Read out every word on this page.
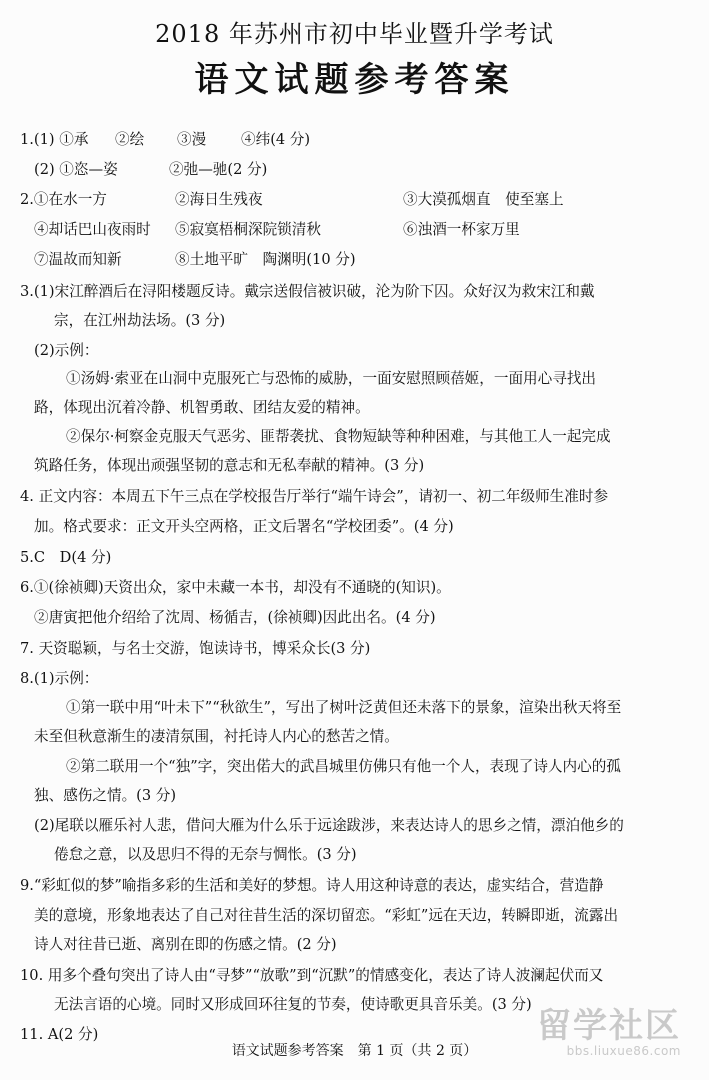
2018 年苏州市初中毕业暨升学考试
语文试题参考答案
1.(1) ①承 ②绘 ③漫 ④纬(4 分)
(2) ①恣—姿	②弛—驰(2 分)
2.①在水一方	②海日生残夜	③大漠孤烟直　使至塞上
④却话巴山夜雨时 ⑤寂寞梧桐深院锁清秋	⑥浊酒一杯家万里
⑦温故而知新	⑧土地平旷　陶渊明(10 分)
3.(1)宋江醉酒后在浔阳楼题反诗。戴宗送假信被识破，沦为阶下囚。众好汉为救宋江和戴
宗，在江州劫法场。(3 分)
(2)示例：
①汤姆·索亚在山洞中克服死亡与恐怖的威胁，一面安慰照顾蓓姬，一面用心寻找出
路，体现出沉着冷静、机智勇敢、团结友爱的精神。
②保尔·柯察金克服天气恶劣、匪帮袭扰、食物短缺等种种困难，与其他工人一起完成
筑路任务，体现出顽强坚韧的意志和无私奉献的精神。(3 分)
4. 正文内容：本周五下午三点在学校报告厅举行“端午诗会”，请初一、初二年级师生准时参
加。格式要求：正文开头空两格，正文后署名“学校团委”。(4 分)
5.C　D(4 分)
6.①(徐祯卿)天资出众，家中未藏一本书，却没有不通晓的(知识)。
②唐寅把他介绍给了沈周、杨循吉，(徐祯卿)因此出名。(4 分)
7. 天资聪颖，与名士交游，饱读诗书，博采众长(3 分)
8.(1)示例：
①第一联中用“叶未下”“秋欲生”，写出了树叶泛黄但还未落下的景象，渲染出秋天将至
未至但秋意渐生的凄清氛围，衬托诗人内心的愁苦之情。
②第二联用一个“独”字，突出偌大的武昌城里仿佛只有他一个人，表现了诗人内心的孤
独、感伤之情。(3 分)
(2)尾联以雁乐衬人悲，借问大雁为什么乐于远途跋涉，来表达诗人的思乡之情，漂泊他乡的
倦怠之意，以及思归不得的无奈与惆怅。(3 分)
9.“彩虹似的梦”喻指多彩的生活和美好的梦想。诗人用这种诗意的表达，虚实结合，营造静
美的意境，形象地表达了自己对往昔生活的深切留恋。“彩虹”远在天边，转瞬即逝，流露出
诗人对往昔已逝、离别在即的伤感之情。(2 分)
10. 用多个叠句突出了诗人由“寻梦”“放歌”到“沉默”的情感变化，表达了诗人波澜起伏而又
无法言语的心境。同时又形成回环往复的节奏，使诗歌更具音乐美。(3 分)
11. A(2 分)
语文试题参考答案　第 1 页（共 2 页）
留学社区
bbs.liuxue86.com
